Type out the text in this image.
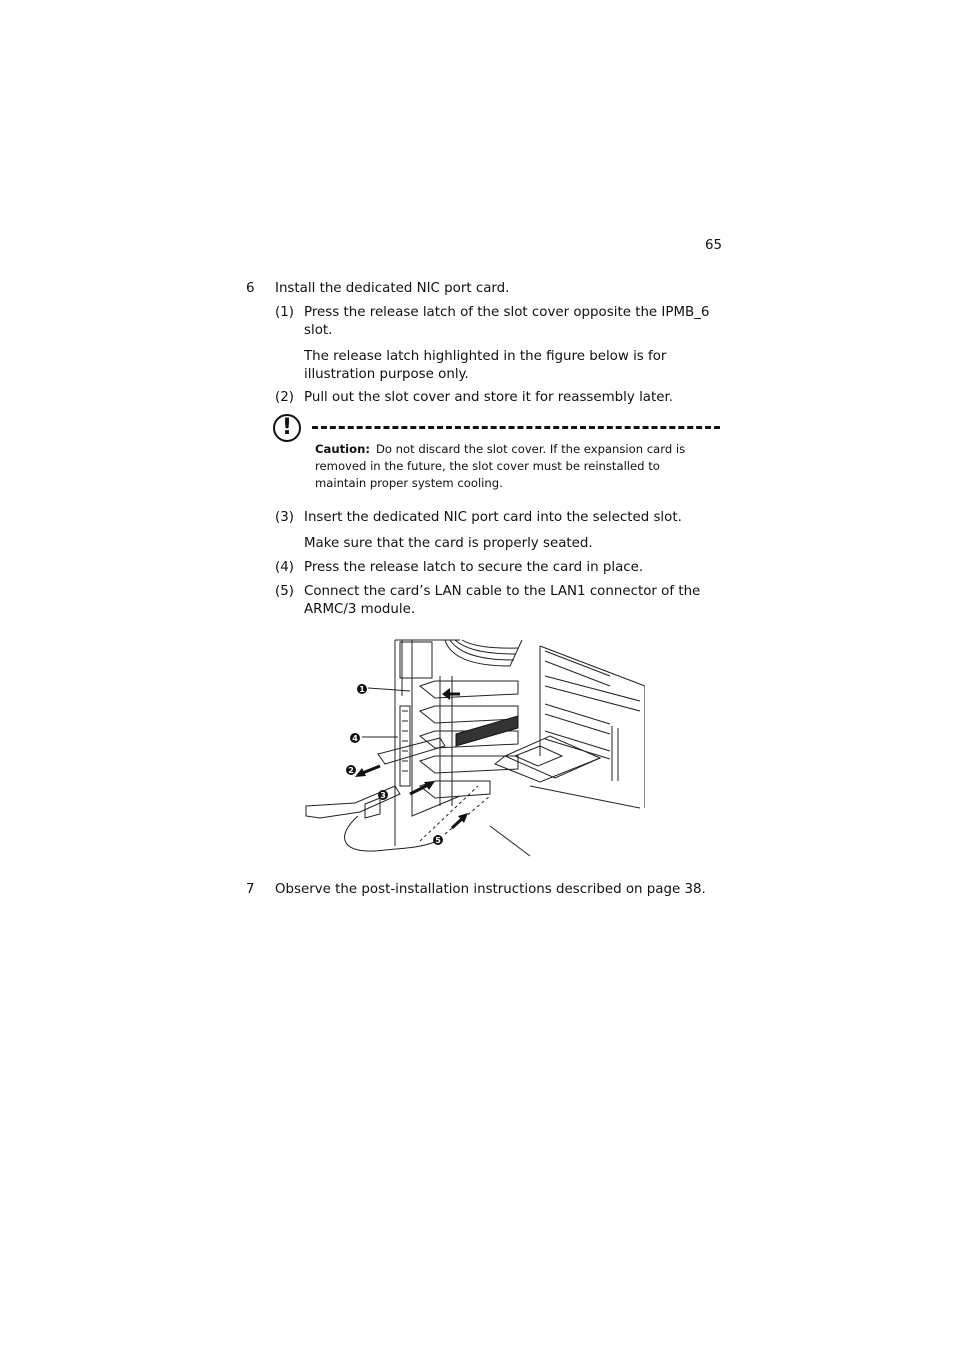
65
6 Install the dedicated NIC port card.
(1) Press the release latch of the slot cover opposite the IPMB_6
slot.
The release latch highlighted in the figure below is for
illustration purpose only.
(2) Pull out the slot cover and store it for reassembly later.
!
Caution: Do not discard the slot cover. If the expansion card is
removed in the future, the slot cover must be reinstalled to
maintain proper system cooling.
(3) Insert the dedicated NIC port card into the selected slot.
Make sure that the card is properly seated.
(4) Press the release latch to secure the card in place.
(5) Connect the card’s LAN cable to the LAN1 connector of the
ARMC/3 module.
1
4
2
3
5
7 Observe the post-installation instructions described on page 38.
